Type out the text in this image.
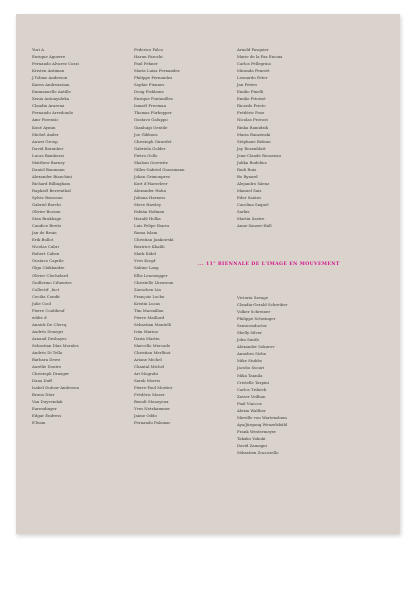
Yuri A
Enrique Aguerre
Fernando Alvarez Cozzi
Kristen Antiman
J.Tobias Anderson
Karen Andreassian
Emmanuelle Antille
Xenia Antonyuleka
Claudia Ararena
Fernando Arredondo
Amr Forensic
Koué Aymin
Michel Auder
Auwei Group
David Barunher
Lucas Bambozzi
Matthew Barney
Daniel Baumann
Alexander Bianchini
Richard Billingham
Raphaël Berrenthal
Sylvie Boisseau
Gabriel Borchi
Olivier Bosson
Stan Brakhage
Candice Breitz
Jan de Bruin
Erik Bullot
Nicolas Cabri
Robert Cahen
Gustavo Caprile
Olga Chikhaidze
Olivier Clechelard
Guillermo Cifuentes
Collectif _fact
Cecilia Condit
Julie Cool
Pierre Coulibeuf
eddie d
Annick De Clercq
Andrés Denegri
Arnaud Deshayes
Sebastian Díaz Morales
Andrés Di Tella
Barbara Dewe
Aurélie Doutre
Christoph Draeger
Dana Duff
Isabel Dufour-Andersen
Bruno Dürr
Van Duyvendak
Earendinger
Edgar Endress
ETeam
Federico Falco
Harun Farocki
Paul Fehner
María Luisa Fernandez
Philippe Fernandez
Sophie Fiennes
Doug Fishbone
Enrique Fontanilles
Ismaël Freeman
Thomas Fürbepper
Gustavo Galuppo
Gianluigi Gentile
Joe Gibbons
Christoph Girardet
Gabriela Golder
Pietro Gollo
Shalom Gorewitz
Gilles-Gabriel Grassmann
Johan Grimonprez
Kurt d'Haeseleer
Alexander Hahn
Juliana Harness
Steve Hawley
Fabián Hofman
Harald Holba
Luis Felipe Ibarra
Roma Islam
Christian Jankowski
Beatrice Khalili
Mark Kidel
Yves Kropf
Sabine Lang
Ellis Leuenegger
Christelle Lheureux
Zaenchen Lin
François Lochu
Kristin Lucas
Tim Macmillan
Pierre Maillard
Sebastian Mantelli
Iván Marino
Daria Martin
Marcello Mercado
Christian Merlhiot
Ariane Michel
Chantal Michel
Ari Mograbi
Sarah Morris
Pierre-Paul Mortier
Frédéric Moser
Benoît Monoyeux
Yves Netzhammer
Jaime Oddo
Fernando Palomar
Arnold Pasquier
Marie de la Paz Encina
Carlos Pellegrino
Miranda Penrott
Leonardo Peter
Jan Peters
Emilio Pinelli
Emilie Pitoiset
Ricardo Prieto
Frédéric Pose
Nicolas Provost
Rinka Ramidzik
Maria Ranzenski
Stéphane Rideau
Jay Rosenblatt
Jean-Claude Rousseau
Julika Rudelius
Rudi Ruiz
Bo Rynard
Alejandro Sáenz
Manuel Saiz
Eder Santos
Carolina Saquel
Sarkis
Martin Sastre
Anne-Sauser-Hall
... 11° BIENNALE DE L'IMAGE EN MOUVEMENT
Victoria Savage
Claudia-Gerald Schreiber
Volker Schreiner
Philippe Schwinger
Semiconductor
Shelly Silver
John Smith
Alexander Sokurov
Annelies Strba
Mike Stubbs
Jacobo Sucari
Mika Taanila
Cristelle Tarpini
Carlos Trilnick
Xavier Veilhan
Paul Viaccoz
Alexia Walther
Mireille von Wartensbum
Aya/Jürgong Wenzelsbühl
Frank Westermeyer
Takako Yabuki
David Zamagni
Sébastien Zuccarello
